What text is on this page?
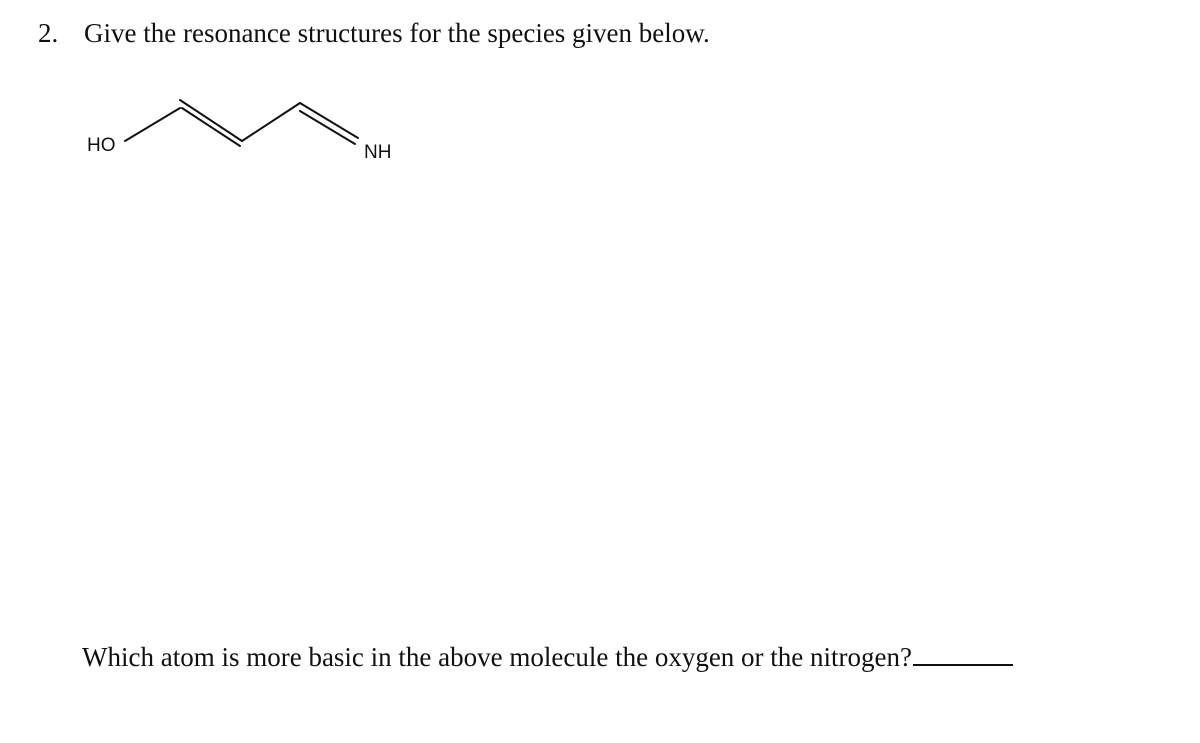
2. Give the resonance structures for the species given below.
HO	NH
Which atom is more basic in the above molecule the oxygen or the nitrogen?
